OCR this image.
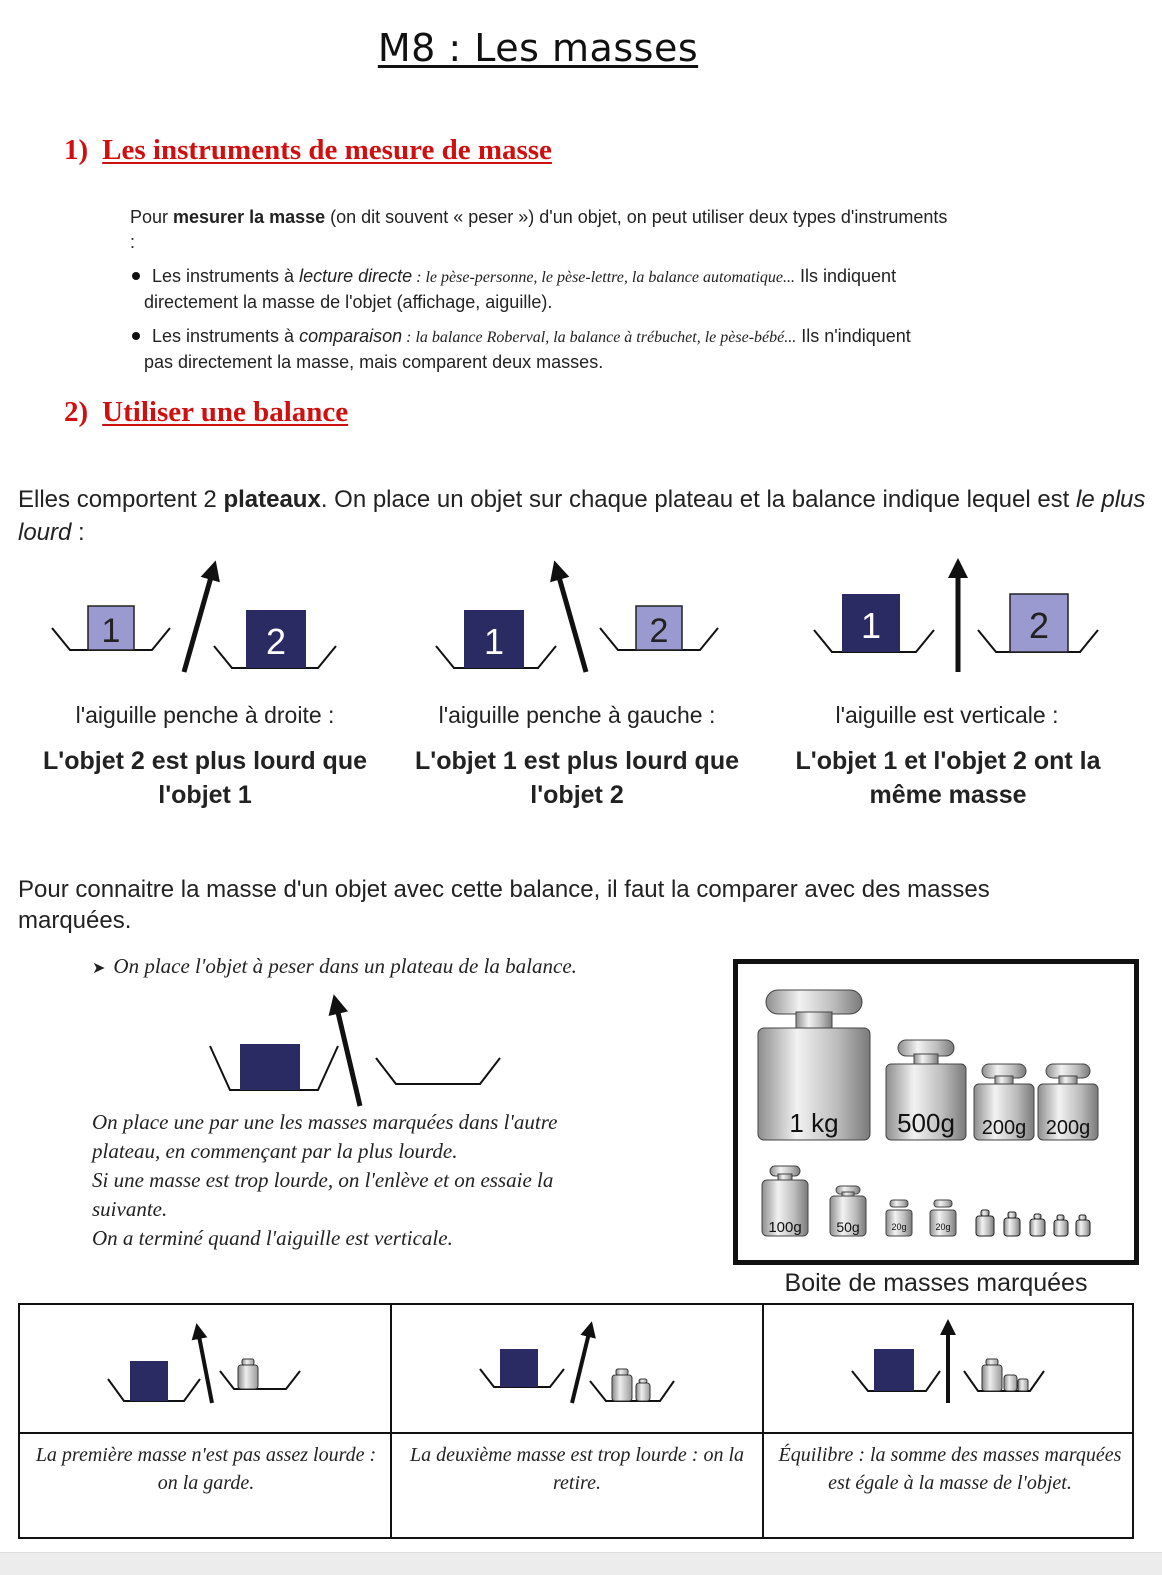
M8 : Les masses
1) Les instruments de mesure de masse
Pour mesurer la masse (on dit souvent « peser ») d'un objet, on peut utiliser deux types d'instruments :
Les instruments à lecture directe : le pèse-personne, le pèse-lettre, la balance automatique... Ils indiquent directement la masse de l'objet (affichage, aiguille).
Les instruments à comparaison : la balance Roberval, la balance à trébuchet, le pèse-bébé... Ils n'indiquent pas directement la masse, mais comparent deux masses.
2) Utiliser une balance
Elles comportent 2 plateaux. On place un objet sur chaque plateau et la balance indique lequel est le plus lourd :
1	2	1	2	1	2
l'aiguille penche à droite :	l'aiguille penche à gauche :	l'aiguille est verticale :
L'objet 2 est plus lourd que l'objet 1
L'objet 1 est plus lourd que l'objet 2
L'objet 1 et l'objet 2 ont la même masse
Pour connaitre la masse d'un objet avec cette balance, il faut la comparer avec des masses marquées.
➤ On place l'objet à peser dans un plateau de la balance.
On place une par une les masses marquées dans l'autre
plateau, en commençant par la plus lourde.
Si une masse est trop lourde, on l'enlève et on essaie la
suivante.
On a terminé quand l'aiguille est verticale.
1 kg 500g 200g 200g
100g 50g	20g	20g
Boite de masses marquées
La première masse n'est pas assez lourde : on la garde.
La deuxième masse est trop lourde : on la retire.
Équilibre : la somme des masses marquées est égale à la masse de l'objet.
